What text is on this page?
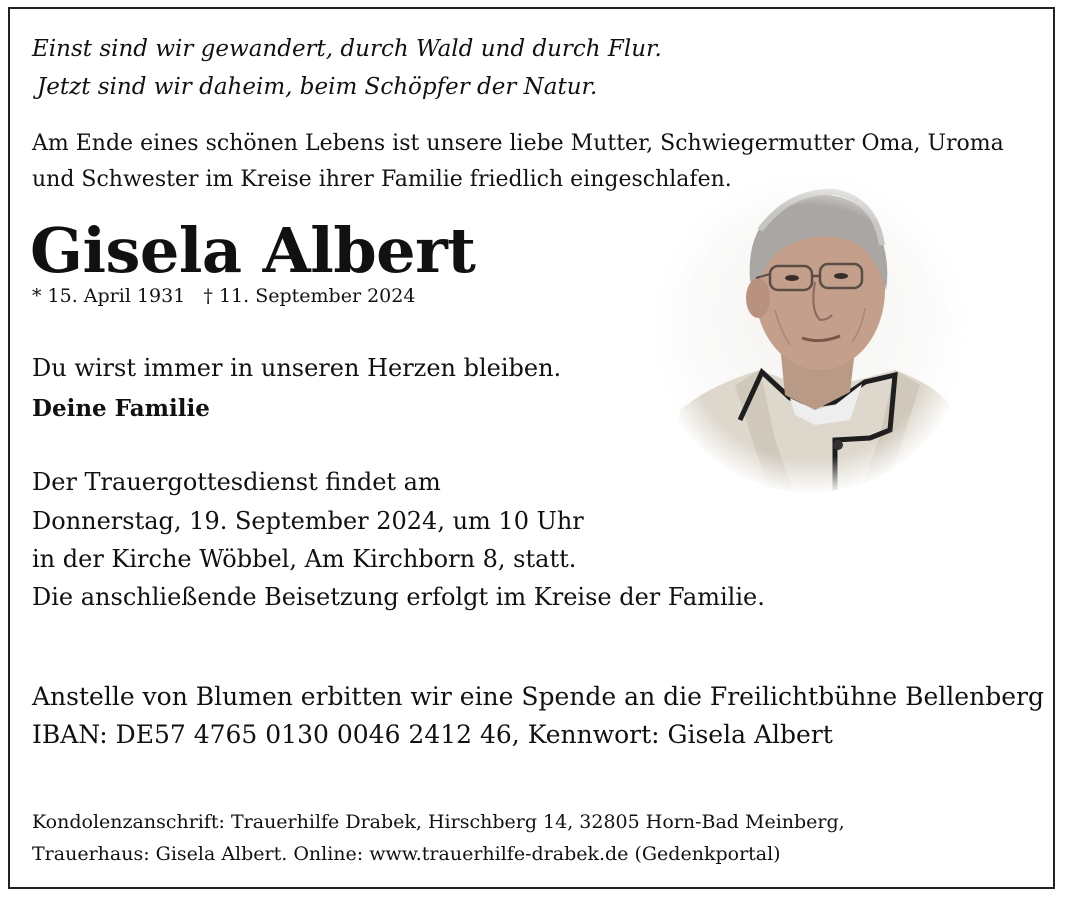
Einst sind wir gewandert, durch Wald und durch Flur.
Jetzt sind wir daheim, beim Schöpfer der Natur.
Am Ende eines schönen Lebens ist unsere liebe Mutter, Schwiegermutter Oma, Uroma
und Schwester im Kreise ihrer Familie friedlich eingeschlafen.
Gisela Albert
* 15. April 1931   † 11. September 2024
Du wirst immer in unseren Herzen bleiben.
Deine Familie
Der Trauergottesdienst findet am
Donnerstag, 19. September 2024, um 10 Uhr
in der Kirche Wöbbel, Am Kirchborn 8, statt.
Die anschließende Beisetzung erfolgt im Kreise der Familie.
Anstelle von Blumen erbitten wir eine Spende an die Freilichtbühne Bellenberg
IBAN: DE57 4765 0130 0046 2412 46, Kennwort: Gisela Albert
Kondolenzanschrift: Trauerhilfe Drabek, Hirschberg 14, 32805 Horn-Bad Meinberg,
Trauerhaus: Gisela Albert. Online: www.trauerhilfe-drabek.de (Gedenkportal)
